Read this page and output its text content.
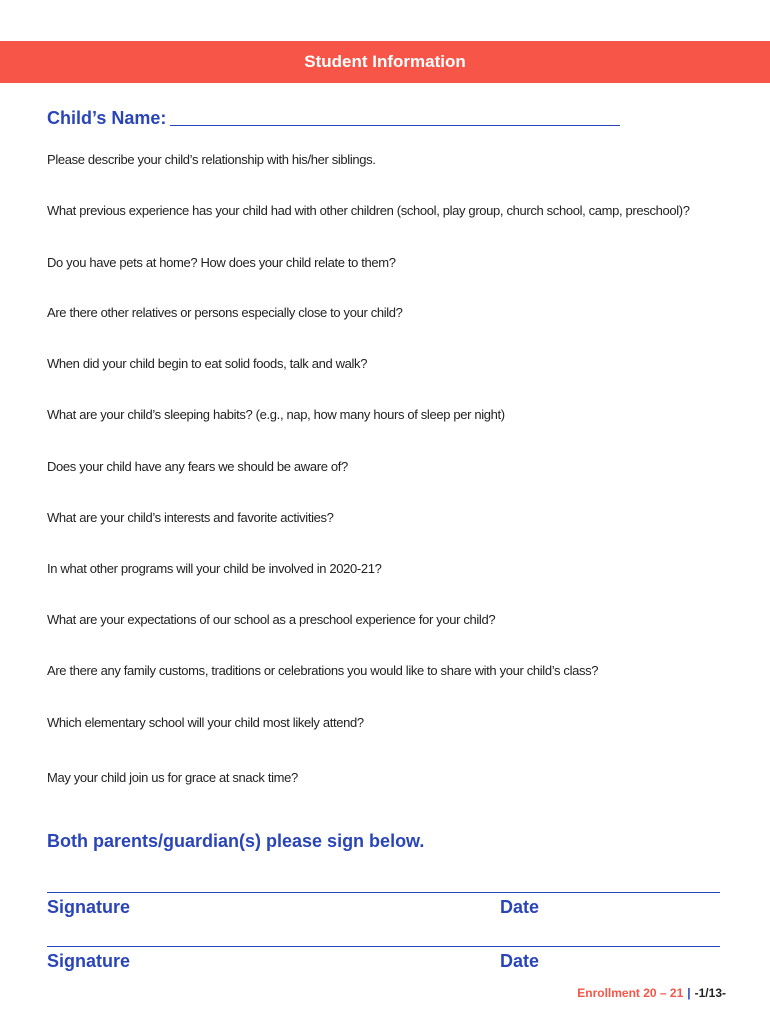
Student Information
Child’s Name:
Please describe your child’s relationship with his/her siblings.
What previous experience has your child had with other children (school, play group, church school, camp, preschool)?
Do you have pets at home? How does your child relate to them?
Are there other relatives or persons especially close to your child?
When did your child begin to eat solid foods, talk and walk?
What are your child’s sleeping habits? (e.g., nap, how many hours of sleep per night)
Does your child have any fears we should be aware of?
What are your child’s interests and favorite activities?
In what other programs will your child be involved in 2020-21?
What are your expectations of our school as a preschool experience for your child?
Are there any family customs, traditions or celebrations you would like to share with your child’s class?
Which elementary school will your child most likely attend?
May your child join us for grace at snack time?
Both parents/guardian(s) please sign below.
Signature	Date
Signature	Date
Enrollment 20 – 21 | -1/13-
